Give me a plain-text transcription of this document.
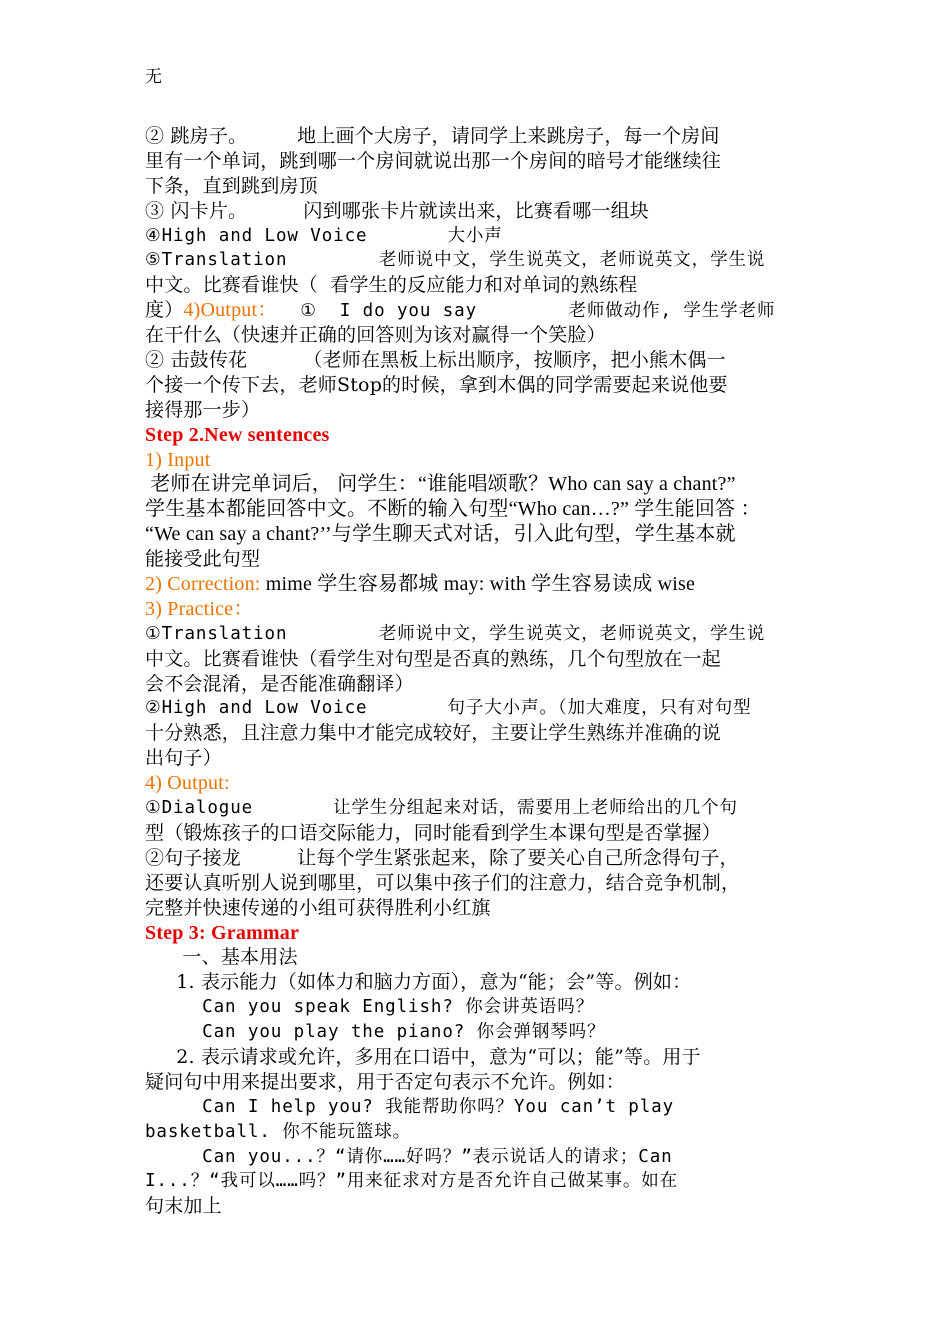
无
② 跳房子。        地上画个大房子，请同学上来跳房子，每一个房间
里有一个单词，跳到哪一个房间就说出那一个房间的暗号才能继续往
下条，直到跳到房顶
③ 闪卡片。         闪到哪张卡片就读出来，比赛看哪一组块
④High and Low Voice       大小声
⑤Translation        老师说中文，学生说英文，老师说英文，学生说
中文。比赛看谁快（  看学生的反应能力和对单词的熟练程
度）4)Output：  ①  I do you say        老师做动作, 学生学老师
在干什么（快速并正确的回答则为该对赢得一个笑脸）
② 击鼓传花         （老师在黑板上标出顺序，按顺序，把小熊木偶一
个接一个传下去，老师Stop的时候，拿到木偶的同学需要起来说他要
接得那一步）
Step 2.New sentences
1) Input
老师在讲完单词后， 问学生：“谁能唱颂歌？Who can say a chant?”
学生基本都能回答中文。不断的输入句型“Who can…?” 学生能回答 ：
“We can say a chant?’’与学生聊天式对话，引入此句型，学生基本就
能接受此句型
2) Correction: mime 学生容易都城 may: with 学生容易读成 wise
3) Practice：
①Translation        老师说中文，学生说英文，老师说英文，学生说
中文。比赛看谁快（看学生对句型是否真的熟练，几个句型放在一起
会不会混淆，是否能准确翻译）
②High and Low Voice       句子大小声。（加大难度，只有对句型
十分熟悉，且注意力集中才能完成较好，主要让学生熟练并准确的说
出句子）
4) Output:
①Dialogue       让学生分组起来对话，需要用上老师给出的几个句
型（锻炼孩子的口语交际能力，同时能看到学生本课句型是否掌握）
②句子接龙         让每个学生紧张起来，除了要关心自己所念得句子，
还要认真听别人说到哪里，可以集中孩子们的注意力，结合竞争机制，
完整并快速传递的小组可获得胜利小红旗
Step 3: Grammar
一、基本用法
1. 表示能力（如体力和脑力方面），意为“能；会”等。例如：
Can you speak English? 你会讲英语吗？
Can you play the piano? 你会弹钢琴吗？
2. 表示请求或允许，多用在口语中，意为“可以；能”等。用于
疑问句中用来提出要求，用于否定句表示不允许。例如：
Can I help you? 我能帮助你吗？You can’t play
basketball. 你不能玩篮球。
Can you...？“请你……好吗？”表示说话人的请求；Can
I...？“我可以……吗？”用来征求对方是否允许自己做某事。如在
句末加上
